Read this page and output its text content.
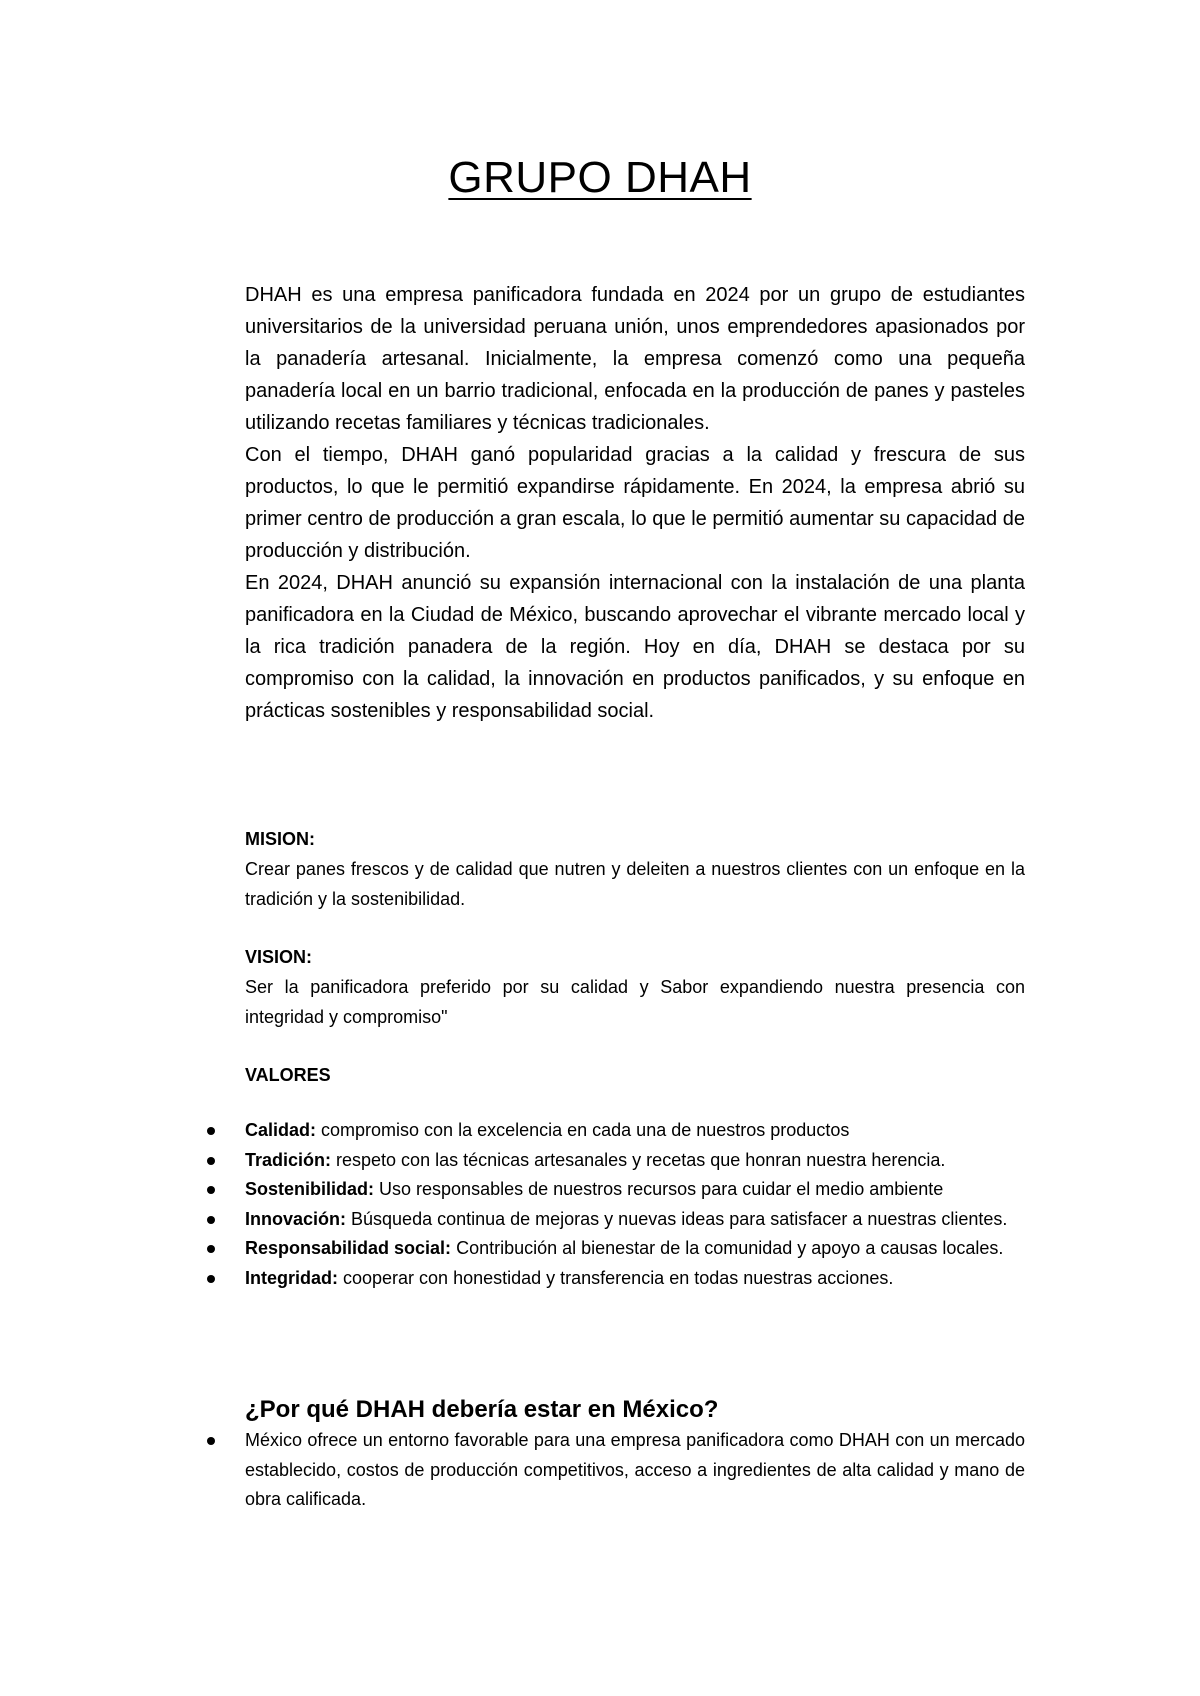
GRUPO DHAH

DHAH es una empresa panificadora fundada en 2024 por un grupo de estudiantes universitarios de la universidad peruana unión, unos emprendedores apasionados por la panadería artesanal. Inicialmente, la empresa comenzó como una pequeña panadería local en un barrio tradicional, enfocada en la producción de panes y pasteles utilizando recetas familiares y técnicas tradicionales.

Con el tiempo, DHAH ganó popularidad gracias a la calidad y frescura de sus productos, lo que le permitió expandirse rápidamente. En 2024, la empresa abrió su primer centro de producción a gran escala, lo que le permitió aumentar su capacidad de producción y distribución.

En 2024, DHAH anunció su expansión internacional con la instalación de una planta panificadora en la Ciudad de México, buscando aprovechar el vibrante mercado local y la rica tradición panadera de la región. Hoy en día, DHAH se destaca por su compromiso con la calidad, la innovación en productos panificados, y su enfoque en prácticas sostenibles y responsabilidad social.

MISION:
Crear panes frescos y de calidad que nutren y deleiten a nuestros clientes con un enfoque en la tradición y la sostenibilidad.
VISION:
Ser la panificadora preferido por su calidad y Sabor expandiendo nuestra presencia con integridad y compromiso"
VALORES
Calidad: compromiso con la excelencia en cada una de nuestros productos
Tradición: respeto con las técnicas artesanales y recetas que honran nuestra herencia.
Sostenibilidad: Uso responsables de nuestros recursos para cuidar el medio ambiente
Innovación: Búsqueda continua de mejoras y nuevas ideas para satisfacer a nuestras clientes.
Responsabilidad social: Contribución al bienestar de la comunidad y apoyo a causas locales.
Integridad: cooperar con honestidad y transferencia en todas nuestras acciones.
¿Por qué DHAH debería estar en México?
México ofrece un entorno favorable para una empresa panificadora como DHAH con un mercado establecido, costos de producción competitivos, acceso a ingredientes de alta calidad y mano de obra calificada.
